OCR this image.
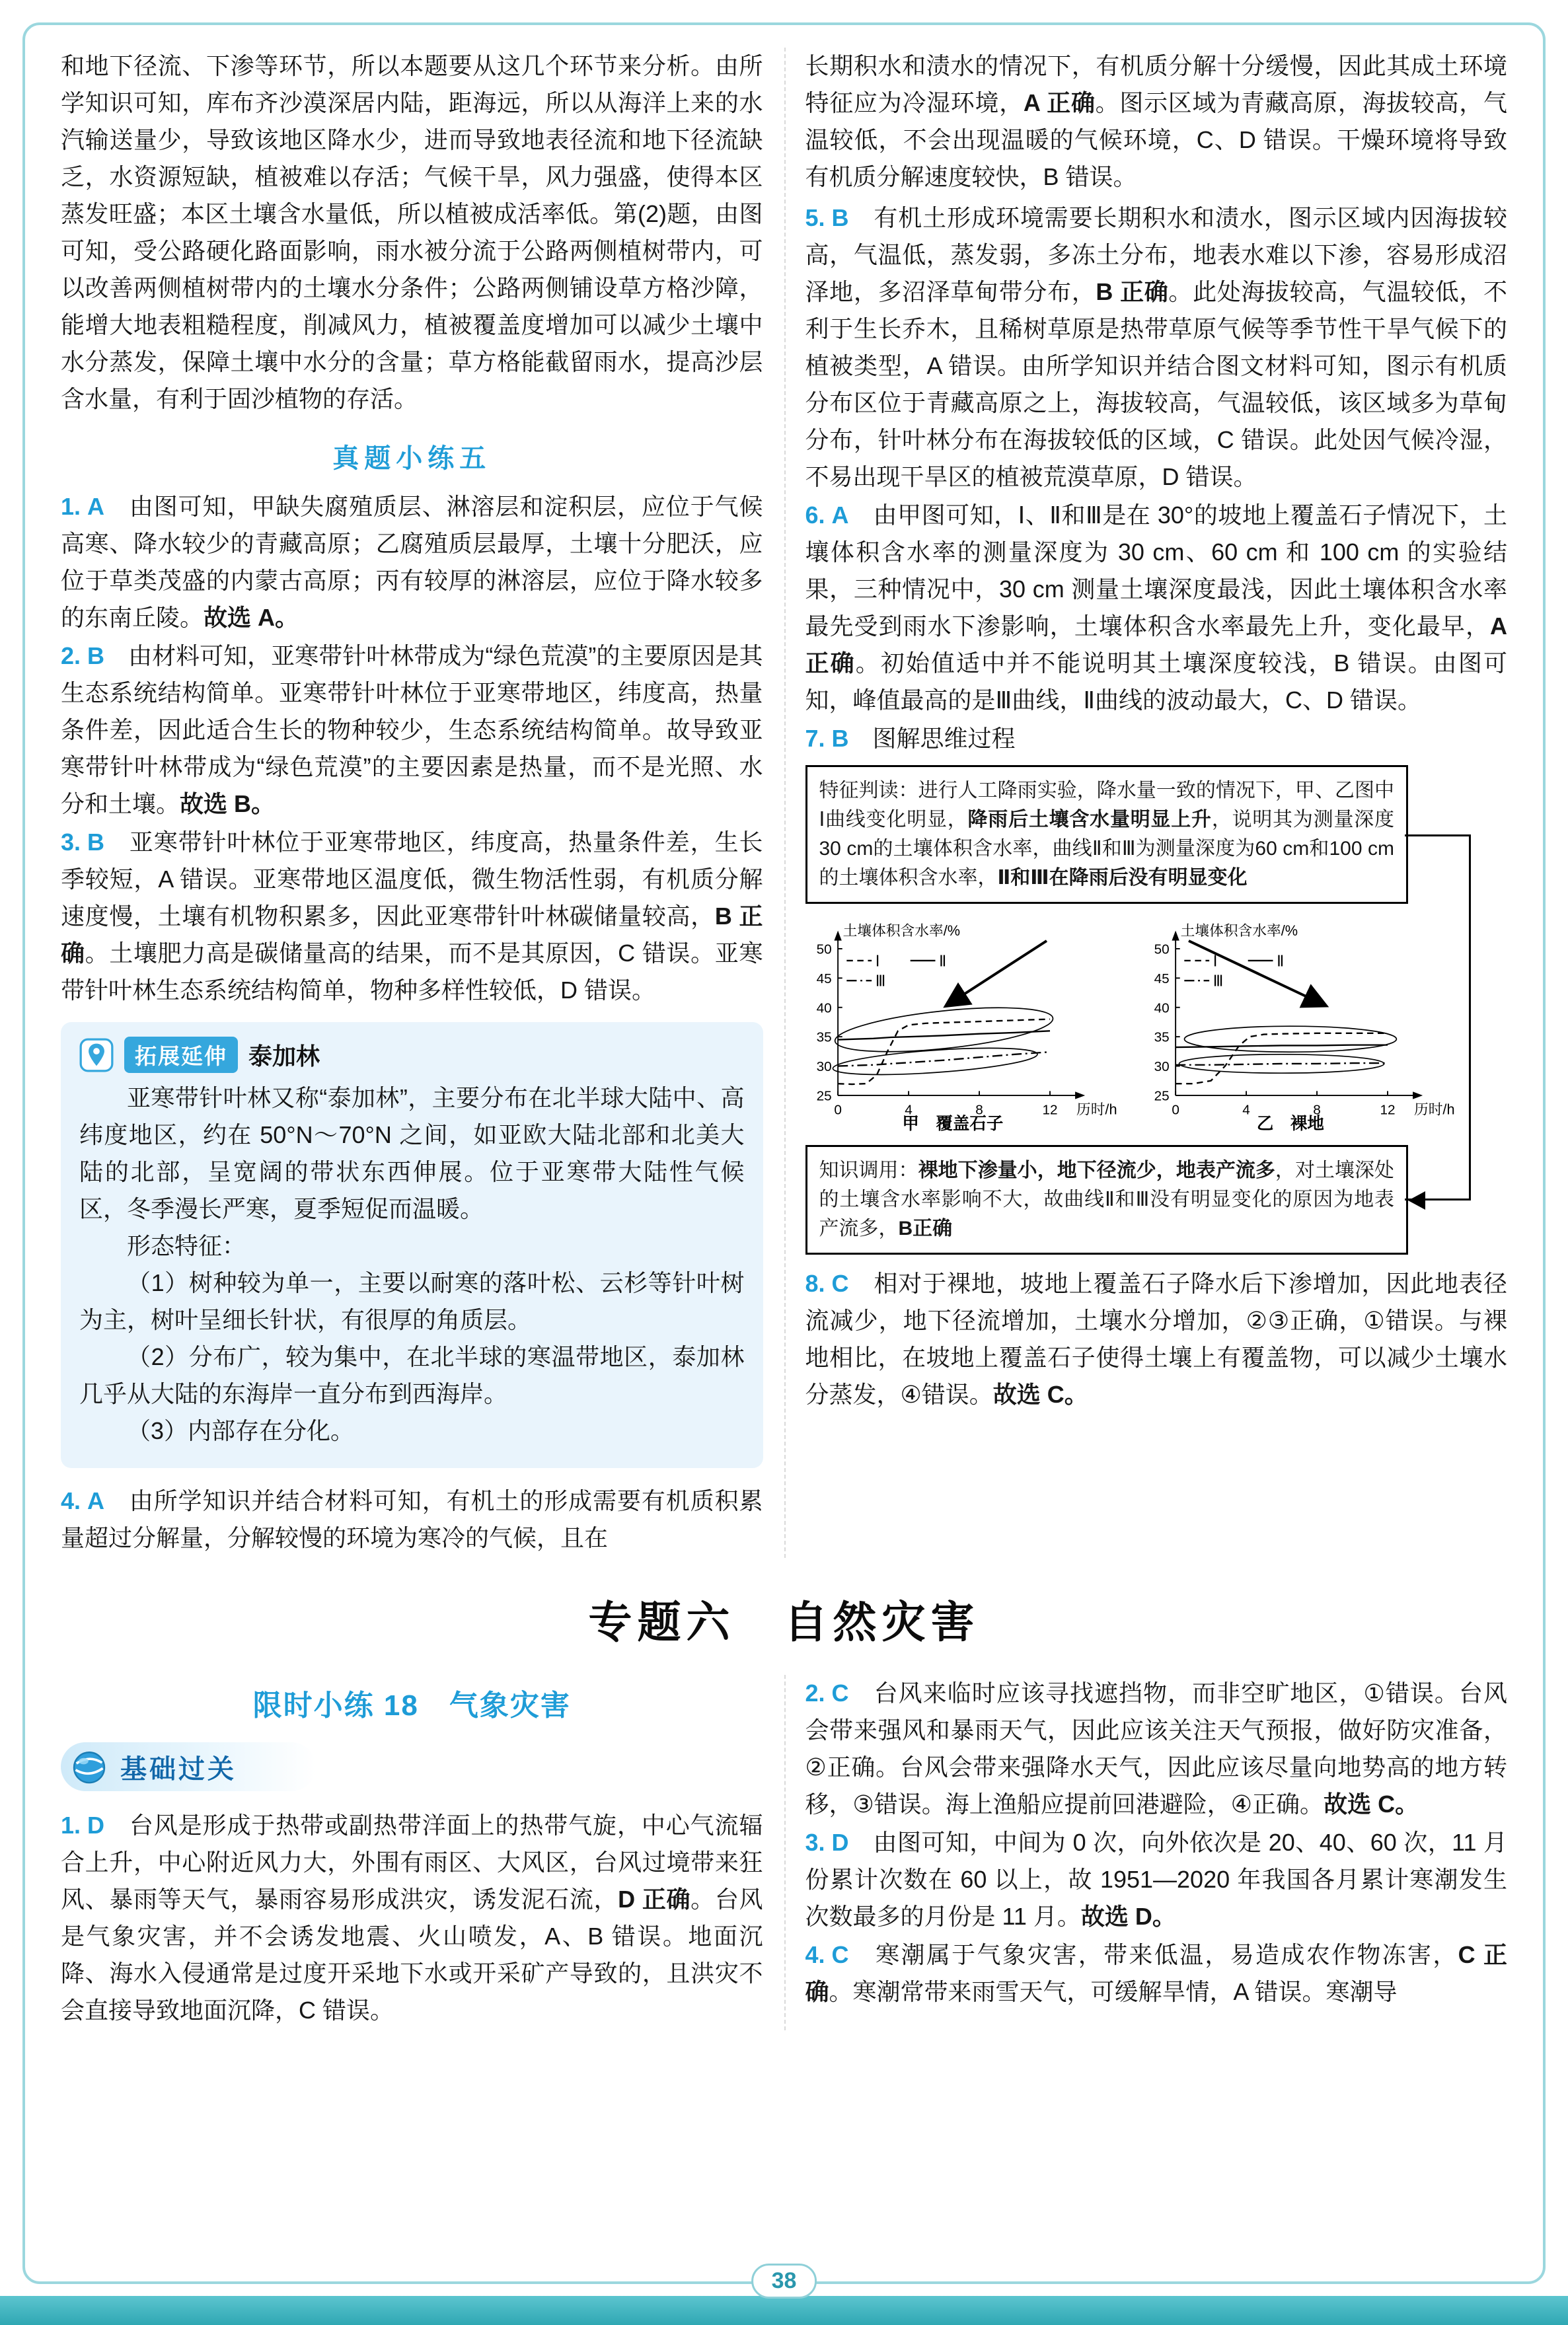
和地下径流、下渗等环节，所以本题要从这几个环节来分析。由所学知识可知，库布齐沙漠深居内陆，距海远，所以从海洋上来的水汽输送量少，导致该地区降水少，进而导致地表径流和地下径流缺乏，水资源短缺，植被难以存活；气候干旱，风力强盛，使得本区蒸发旺盛；本区土壤含水量低，所以植被成活率低。第(2)题，由图可知，受公路硬化路面影响，雨水被分流于公路两侧植树带内，可以改善两侧植树带内的土壤水分条件；公路两侧铺设草方格沙障，能增大地表粗糙程度，削减风力，植被覆盖度增加可以减少土壤中水分蒸发，保障土壤中水分的含量；草方格能截留雨水，提高沙层含水量，有利于固沙植物的存活。

真题小练五

1. A　由图可知，甲缺失腐殖质层、淋溶层和淀积层，应位于气候高寒、降水较少的青藏高原；乙腐殖质层最厚，土壤十分肥沃，应位于草类茂盛的内蒙古高原；丙有较厚的淋溶层，应位于降水较多的东南丘陵。故选 A。

2. B　由材料可知，亚寒带针叶林带成为“绿色荒漠”的主要原因是其生态系统结构简单。亚寒带针叶林位于亚寒带地区，纬度高，热量条件差，因此适合生长的物种较少，生态系统结构简单。故导致亚寒带针叶林带成为“绿色荒漠”的主要因素是热量，而不是光照、水分和土壤。故选 B。

3. B　亚寒带针叶林位于亚寒带地区，纬度高，热量条件差，生长季较短，A 错误。亚寒带地区温度低，微生物活性弱，有机质分解速度慢，土壤有机物积累多，因此亚寒带针叶林碳储量较高，B 正确。土壤肥力高是碳储量高的结果，而不是其原因，C 错误。亚寒带针叶林生态系统结构简单，物种多样性较低，D 错误。

拓展延伸 泰加林

亚寒带针叶林又称“泰加林”，主要分布在北半球大陆中、高纬度地区，约在 50°N～70°N 之间，如亚欧大陆北部和北美大陆的北部，呈宽阔的带状东西伸展。位于亚寒带大陆性气候区，冬季漫长严寒，夏季短促而温暖。

形态特征：

（1）树种较为单一，主要以耐寒的落叶松、云杉等针叶树为主，树叶呈细长针状，有很厚的角质层。

（2）分布广，较为集中，在北半球的寒温带地区，泰加林几乎从大陆的东海岸一直分布到西海岸。

（3）内部存在分化。

4. A　由所学知识并结合材料可知，有机土的形成需要有机质积累量超过分解量，分解较慢的环境为寒冷的气候，且在

长期积水和渍水的情况下，有机质分解十分缓慢，因此其成土环境特征应为冷湿环境，A 正确。图示区域为青藏高原，海拔较高，气温较低，不会出现温暖的气候环境，C、D 错误。干燥环境将导致有机质分解速度较快，B 错误。

5. B　有机土形成环境需要长期积水和渍水，图示区域内因海拔较高，气温低，蒸发弱，多冻土分布，地表水难以下渗，容易形成沼泽地，多沼泽草甸带分布，B 正确。此处海拔较高，气温较低，不利于生长乔木，且稀树草原是热带草原气候等季节性干旱气候下的植被类型，A 错误。由所学知识并结合图文材料可知，图示有机质分布区位于青藏高原之上，海拔较高，气温较低，该区域多为草甸分布，针叶林分布在海拔较低的区域，C 错误。此处因气候冷湿，不易出现干旱区的植被荒漠草原，D 错误。

6. A　由甲图可知，Ⅰ、Ⅱ和Ⅲ是在 30°的坡地上覆盖石子情况下，土壤体积含水率的测量深度为 30 cm、60 cm 和 100 cm 的实验结果，三种情况中，30 cm 测量土壤深度最浅，因此土壤体积含水率最先受到雨水下渗影响，土壤体积含水率最先上升，变化最早，A 正确。初始值适中并不能说明其土壤深度较浅，B 错误。由图可知，峰值最高的是Ⅲ曲线，Ⅱ曲线的波动最大，C、D 错误。

7. B　图解思维过程

特征判读：进行人工降雨实验，降水量一致的情况下，甲、乙图中Ⅰ曲线变化明显，降雨后土壤含水量明显上升，说明其为测量深度30 cm的土壤体积含水率，曲线Ⅱ和Ⅲ为测量深度为60 cm和100 cm的土壤体积含水率，Ⅱ和Ⅲ在降雨后没有明显变化
25
30
35
40
45
50
0	4	8	12
土壤体积含水率/%
历时/h
Ⅰ	Ⅱ
Ⅲ
甲　覆盖石子
25
30
35
40
45
50
0	4	8	12
土壤体积含水率/%
历时/h
Ⅰ	Ⅱ
Ⅲ
乙　裸地
知识调用：裸地下渗量小，地下径流少，地表产流多，对土壤深处的土壤含水率影响不大，故曲线Ⅱ和Ⅲ没有明显变化的原因为地表产流多，B正确

8. C　相对于裸地，坡地上覆盖石子降水后下渗增加，因此地表径流减少，地下径流增加，土壤水分增加，②③正确，①错误。与裸地相比，在坡地上覆盖石子使得土壤上有覆盖物，可以减少土壤水分蒸发，④错误。故选 C。

专题六　自然灾害
限时小练 18　气象灾害
基础过关

1. D　台风是形成于热带或副热带洋面上的热带气旋，中心气流辐合上升，中心附近风力大，外围有雨区、大风区，台风过境带来狂风、暴雨等天气，暴雨容易形成洪灾，诱发泥石流，D 正确。台风是气象灾害，并不会诱发地震、火山喷发，A、B 错误。地面沉降、海水入侵通常是过度开采地下水或开采矿产导致的，且洪灾不会直接导致地面沉降，C 错误。

2. C　台风来临时应该寻找遮挡物，而非空旷地区，①错误。台风会带来强风和暴雨天气，因此应该关注天气预报，做好防灾准备，②正确。台风会带来强降水天气，因此应该尽量向地势高的地方转移，③错误。海上渔船应提前回港避险，④正确。故选 C。

3. D　由图可知，中间为 0 次，向外依次是 20、40、60 次，11 月份累计次数在 60 以上，故 1951—2020 年我国各月累计寒潮发生次数最多的月份是 11 月。故选 D。

4. C　寒潮属于气象灾害，带来低温，易造成农作物冻害，C 正确。寒潮常带来雨雪天气，可缓解旱情，A 错误。寒潮导

38
